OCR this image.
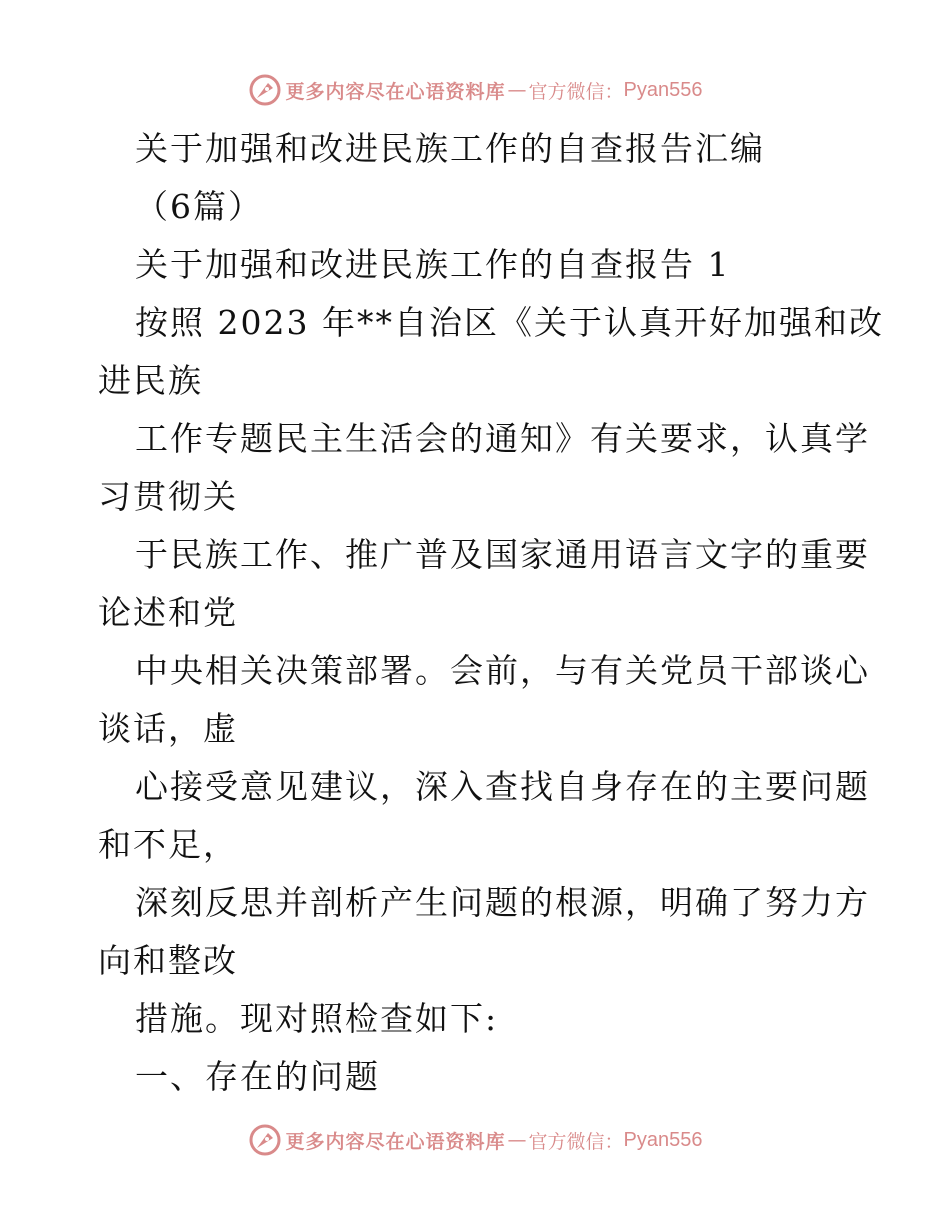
更多内容尽在心语资料库 — 官方微信： Pyan556
关于加强和改进民族工作的自查报告汇编
（6篇）
关于加强和改进民族工作的自查报告 1
按照 2023 年**自治区《关于认真开好加强和改
进民族
工作专题民主生活会的通知》有关要求，认真学
习贯彻关
于民族工作、推广普及国家通用语言文字的重要
论述和党
中央相关决策部署。会前，与有关党员干部谈心
谈话，虚
心接受意见建议，深入查找自身存在的主要问题
和不足，
深刻反思并剖析产生问题的根源，明确了努力方
向和整改
措施。现对照检查如下:
一、存在的问题
更多内容尽在心语资料库 — 官方微信： Pyan556
